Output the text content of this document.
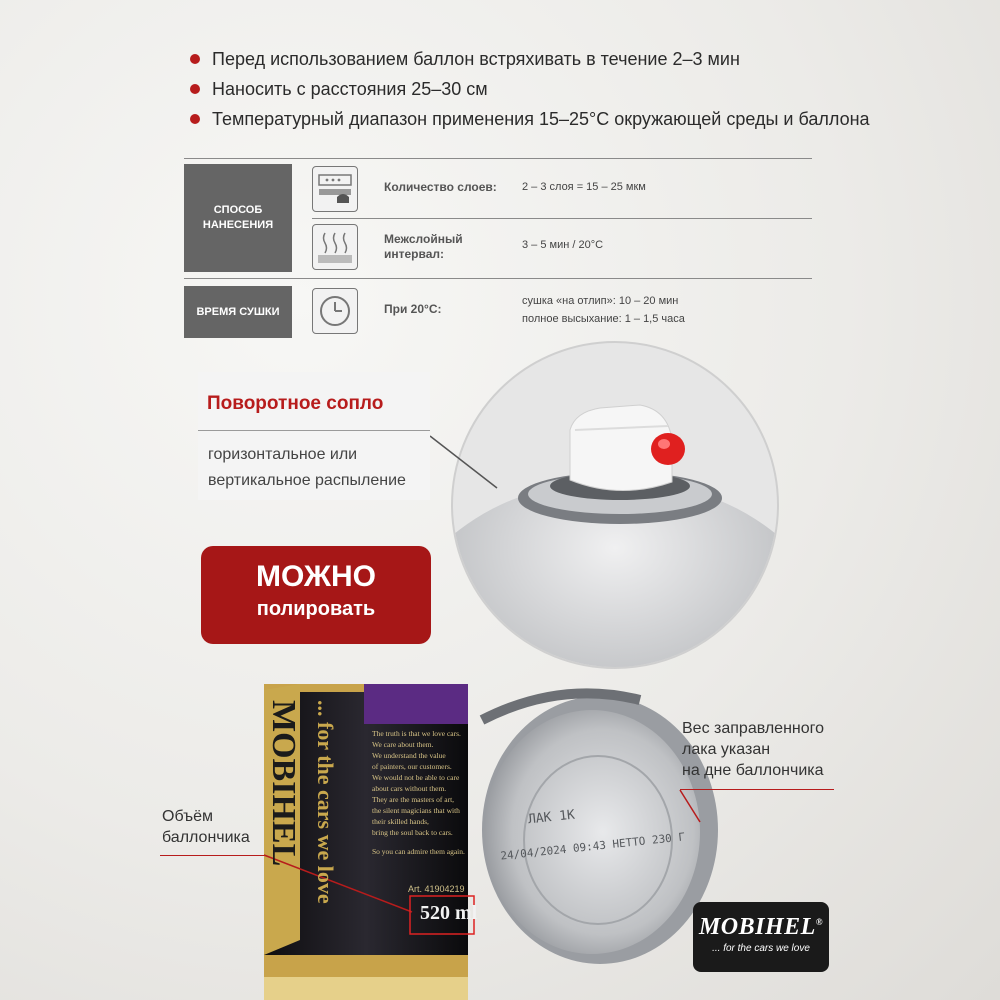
Перед использованием баллон встряхивать в течение 2–3 мин
Наносить с расстояния 25–30 см
Температурный диапазон применения 15–25°C окружающей среды и баллона
СПОСОБ НАНЕСЕНИЯ
Количество слоев: 2 – 3 слоя = 15 – 25 мкм
Межслойный интервал:
3 – 5 мин / 20°C
ВРЕМЯ СУШКИ	При 20°С:
сушка «на отлип»: 10 – 20 мин
полное высыхание: 1 – 1,5 часа
MOBIHEL ... for the cars we love	The truth is that we love cars.
We care about them.
We understand the value
of painters, our customers.
We would not be able to care
about cars without them.
They are the masters of art,
the silent magicians that with
their skilled hands,
bring the soul back to cars.
So you can admire them again.
Art. 41904219
520 ml
ЛАК 1К
24/04/2024 09:43 НЕТТО 230 Г
Поворотное сопло
горизонтальное или
вертикальное распыление
МОЖНО
полировать
Вес заправленного
лака указан
на дне баллончика
Объём
баллончика
MOBIHEL®
... for the cars we love
